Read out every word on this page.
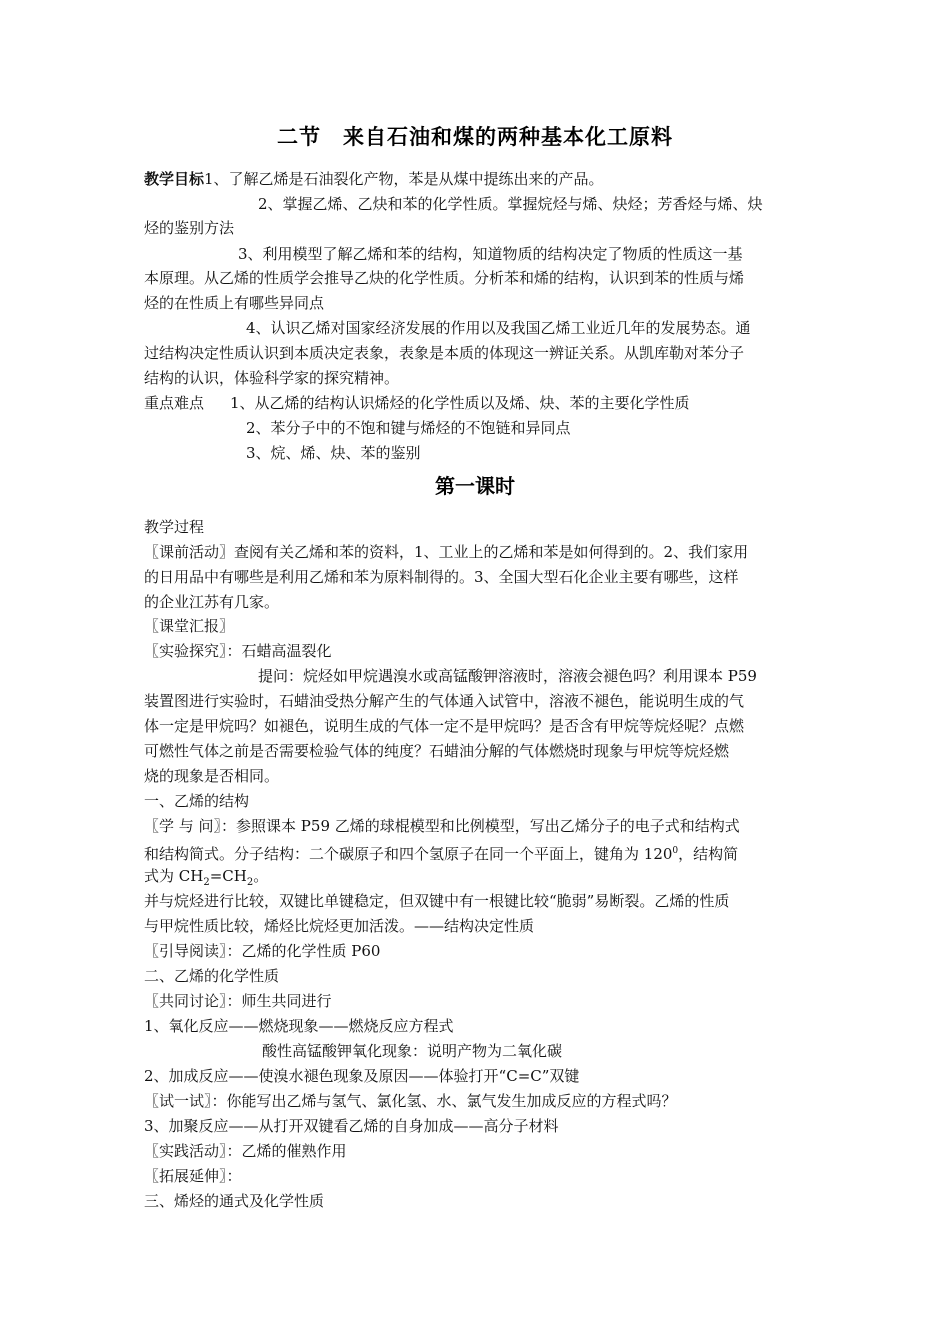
二节　来自石油和煤的两种基本化工原料
教学目标1、了解乙烯是石油裂化产物，苯是从煤中提练出来的产品。
2、掌握乙烯、乙炔和苯的化学性质。掌握烷烃与烯、炔烃；芳香烃与烯、炔
烃的鉴别方法
3、利用模型了解乙烯和苯的结构，知道物质的结构决定了物质的性质这一基
本原理。从乙烯的性质学会推导乙炔的化学性质。分析苯和烯的结构，认识到苯的性质与烯
烃的在性质上有哪些异同点
4、认识乙烯对国家经济发展的作用以及我国乙烯工业近几年的发展势态。通
过结构决定性质认识到本质决定表象，表象是本质的体现这一辨证关系。从凯库勒对苯分子
结构的认识，体验科学家的探究精神。
重点难点 1、从乙烯的结构认识烯烃的化学性质以及烯、炔、苯的主要化学性质
2、苯分子中的不饱和键与烯烃的不饱链和异同点
3、烷、烯、炔、苯的鉴别
第一课时
教学过程
〖课前活动〗查阅有关乙烯和苯的资料，1、工业上的乙烯和苯是如何得到的。2、我们家用
的日用品中有哪些是利用乙烯和苯为原料制得的。3、全国大型石化企业主要有哪些，这样
的企业江苏有几家。
〖课堂汇报〗
〖实验探究〗：石蜡高温裂化
提问：烷烃如甲烷遇溴水或高锰酸钾溶液时，溶液会褪色吗？利用课本 P59
装置图进行实验时，石蜡油受热分解产生的气体通入试管中，溶液不褪色，能说明生成的气
体一定是甲烷吗？如褪色，说明生成的气体一定不是甲烷吗？是否含有甲烷等烷烃呢？点燃
可燃性气体之前是否需要检验气体的纯度？石蜡油分解的气体燃烧时现象与甲烷等烷烃燃
烧的现象是否相同。
一、乙烯的结构
〖学 与 问〗：参照课本 P59 乙烯的球棍模型和比例模型，写出乙烯分子的电子式和结构式
和结构简式。分子结构：二个碳原子和四个氢原子在同一个平面上，键角为 $120^0$，结构简
式为 $CH_2=CH_2$。
并与烷烃进行比较，双键比单键稳定，但双键中有一根键比较“脆弱”易断裂。乙烯的性质
与甲烷性质比较，烯烃比烷烃更加活泼。——结构决定性质
〖引导阅读〗：乙烯的化学性质 P60
二、乙烯的化学性质
〖共同讨论〗：师生共同进行
1、氧化反应——燃烧现象——燃烧反应方程式
酸性高锰酸钾氧化现象：说明产物为二氧化碳
2、加成反应——使溴水褪色现象及原因——体验打开“C=C”双键
〖试一试〗：你能写出乙烯与氢气、氯化氢、水、氯气发生加成反应的方程式吗？
3、加聚反应——从打开双键看乙烯的自身加成——高分子材料
〖实践活动〗：乙烯的催熟作用
〖拓展延伸〗：
三、烯烃的通式及化学性质
